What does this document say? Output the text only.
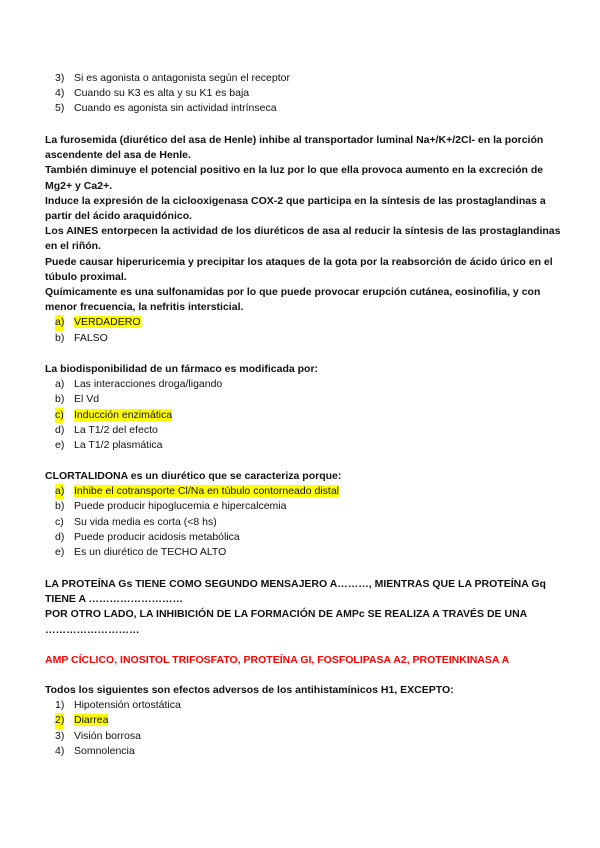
3) Si es agonista o antagonista según el receptor
4) Cuando su K3 es alta y su K1 es baja
5) Cuando es agonista sin actividad intrínseca

La furosemida (diurético del asa de Henle) inhibe al transportador luminal Na+/K+/2Cl- en la porción ascendente del asa de Henle.

También diminuye el potencial positivo en la luz por lo que ella provoca aumento en la excreción de Mg2+ y Ca2+.

Induce la expresión de la ciclooxigenasa COX-2 que participa en la síntesis de las prostaglandinas a partir del ácido araquidónico.

Los AINES entorpecen la actividad de los diuréticos de asa al reducir la síntesis de las prostaglandinas en el riñón.

Puede causar hiperuricemia y precipitar los ataques de la gota por la reabsorción de ácido úrico en el túbulo proximal.

Químicamente es una sulfonamidas por lo que puede provocar erupción cutánea, eosinofilia, y con menor frecuencia, la nefritis intersticial.

a) VERDADERO
b) FALSO
La biodisponibilidad de un fármaco es modificada por:
a) Las interacciones droga/ligando
b) El Vd
c) Inducción enzimática
d) La T1/2 del efecto
e) La T1/2 plasmática
CLORTALIDONA es un diurético que se caracteriza porque:
a) Inhibe el cotransporte Cl/Na en túbulo contorneado distal
b) Puede producir hipoglucemia e hipercalcemia
c) Su vida media es corta (<8 hs)
d) Puede producir acidosis metabólica
e) Es un diurético de TECHO ALTO

LA PROTEÍNA Gs TIENE COMO SEGUNDO MENSAJERO A………, MIENTRAS QUE LA PROTEÍNA Gq TIENE A ………………………

POR OTRO LADO, LA INHIBICIÓN DE LA FORMACIÓN DE AMPc SE REALIZA A TRAVÉS DE UNA ………………………

AMP CÍCLICO, INOSITOL TRIFOSFATO, PROTEÍNA GI, FOSFOLIPASA A2, PROTEINKINASA A
Todos los siguientes son efectos adversos de los antihistamínicos H1, EXCEPTO:
1) Hipotensión ortostática
2) Diarrea
3) Visión borrosa
4) Somnolencia
